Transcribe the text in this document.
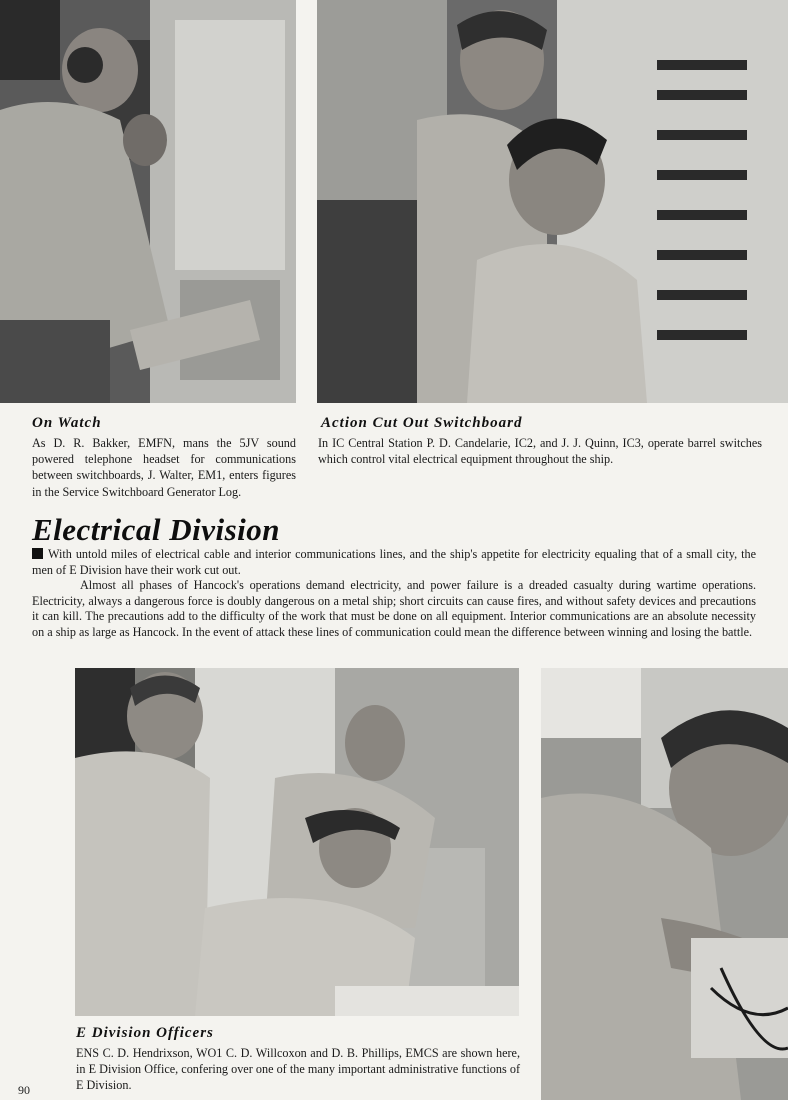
On Watch
As D. R. Bakker, EMFN, mans the 5JV sound powered telephone headset for communications between switchboards, J. Walter, EM1, enters figures in the Service Switchboard Generator Log.
Action Cut Out Switchboard
In IC Central Station P. D. Candelarie, IC2, and J. J. Quinn, IC3, operate barrel switches which control vital electrical equipment throughout the ship.
Electrical Division

With untold miles of electrical cable and interior communications lines, and the ship's appetite for electricity equaling that of a small city, the men of E Division have their work cut out.

Almost all phases of Hancock's operations demand electricity, and power failure is a dreaded casualty during wartime operations. Electricity, always a dangerous force is doubly dangerous on a metal ship; short circuits can cause fires, and without safety devices and precautions it can kill. The precautions add to the difficulty of the work that must be done on all equipment. Interior communications are an absolute necessity on a ship as large as Hancock. In the event of attack these lines of communication could mean the difference between winning and losing the battle.

E Division Officers
ENS C. D. Hendrixson, WO1 C. D. Willcoxon and D. B. Phillips, EMCS are shown here, in E Division Office, confering over one of the many important administrative functions of E Division.
90
